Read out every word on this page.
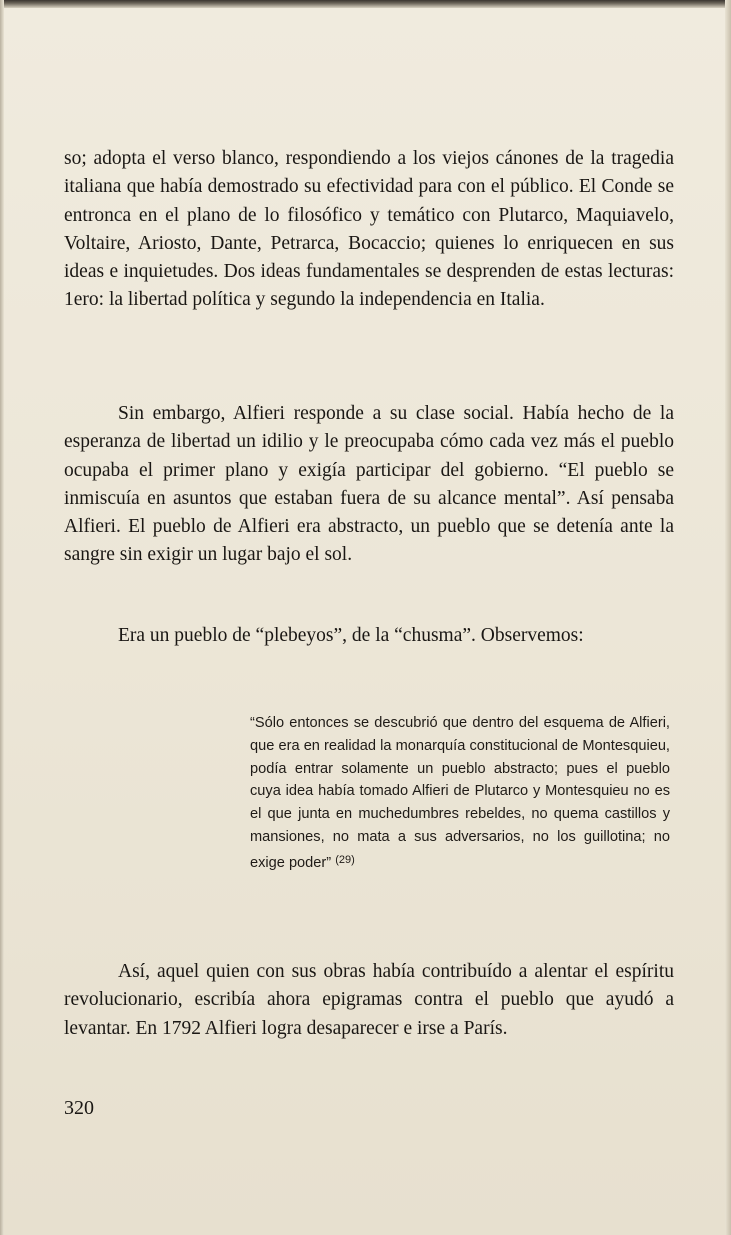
so; adopta el verso blanco, respondiendo a los viejos cánones de la tragedia italiana que había demostrado su efectividad para con el público. El Conde se entronca en el plano de lo filosófico y temático con Plutarco, Maquiavelo, Voltaire, Ariosto, Dante, Petrarca, Bocaccio; quienes lo enriquecen en sus ideas e inquietudes. Dos ideas fundamentales se desprenden de estas lecturas: 1ero: la libertad política y segundo la independencia en Italia.

Sin embargo, Alfieri responde a su clase social. Había hecho de la esperanza de libertad un idilio y le preocupaba cómo cada vez más el pueblo ocupaba el primer plano y exigía participar del gobierno. “El pueblo se inmiscuía en asuntos que estaban fuera de su alcance mental”. Así pensaba Alfieri. El pueblo de Alfieri era abstracto, un pueblo que se detenía ante la sangre sin exigir un lugar bajo el sol.

Era un pueblo de “plebeyos”, de la “chusma”. Observemos:

“Sólo entonces se descubrió que dentro del esquema de Alfieri, que era en realidad la monarquía constitucional de Montesquieu, podía entrar solamente un pueblo abstracto; pues el pueblo cuya idea había tomado Alfieri de Plutarco y Montesquieu no es el que junta en muchedumbres rebeldes, no quema castillos y mansiones, no mata a sus adversarios, no los guillotina; no exige poder” $^{(29)}$

Así, aquel quien con sus obras había contribuído a alentar el espíritu revolucionario, escribía ahora epigramas contra el pueblo que ayudó a levantar. En 1792 Alfieri logra desaparecer e irse a París.

320
